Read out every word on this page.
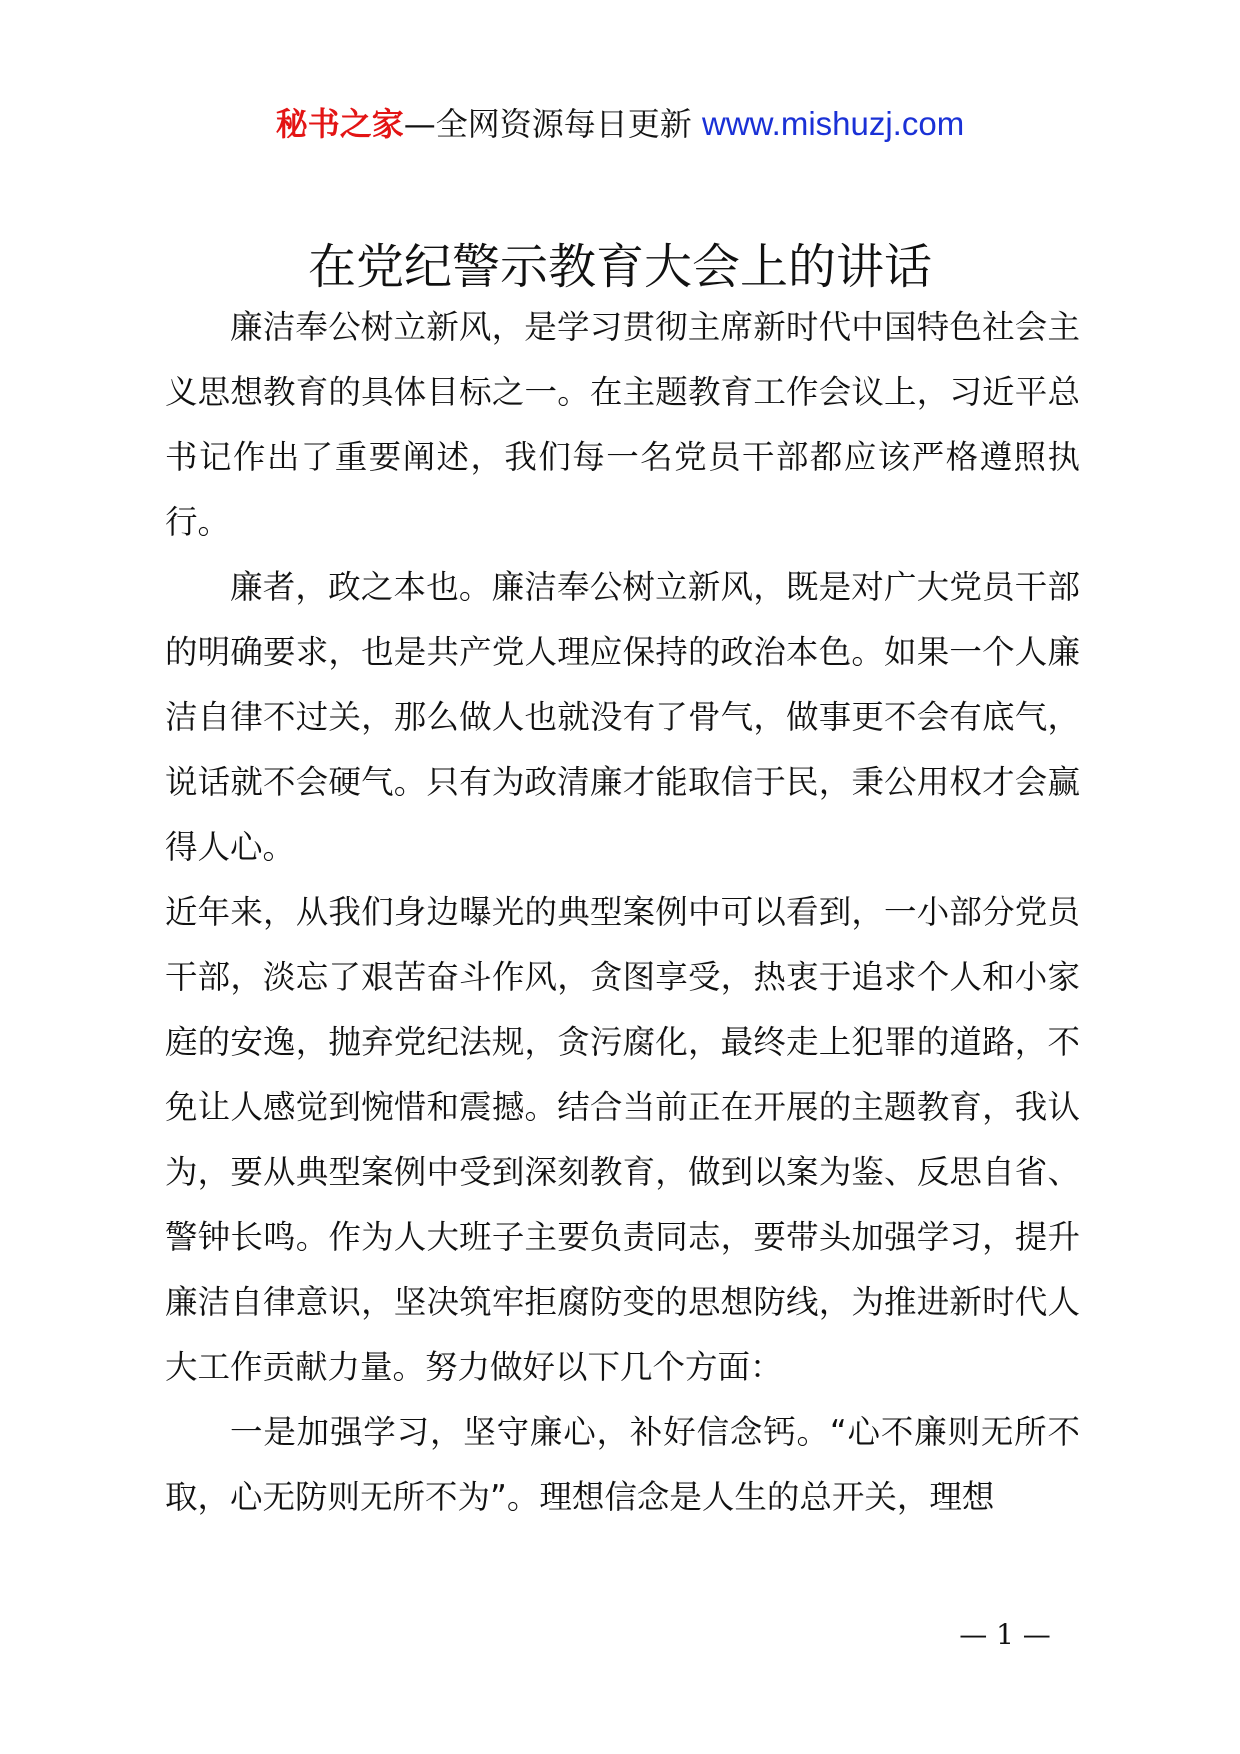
秘书之家—全网资源每日更新 www.mishuzj.com
在党纪警示教育大会上的讲话

廉洁奉公树立新风，是学习贯彻主席新时代中国特色社会主义思想教育的具体目标之一。在主题教育工作会议上，习近平总书记作出了重要阐述，我们每一名党员干部都应该严格遵照执行。

廉者，政之本也。廉洁奉公树立新风，既是对广大党员干部的明确要求，也是共产党人理应保持的政治本色。如果一个人廉洁自律不过关，那么做人也就没有了骨气，做事更不会有底气，说话就不会硬气。只有为政清廉才能取信于民，秉公用权才会赢得人心。

近年来，从我们身边曝光的典型案例中可以看到，一小部分党员干部，淡忘了艰苦奋斗作风，贪图享受，热衷于追求个人和小家庭的安逸，抛弃党纪法规，贪污腐化，最终走上犯罪的道路，不免让人感觉到惋惜和震撼。结合当前正在开展的主题教育，我认为，要从典型案例中受到深刻教育，做到以案为鉴、反思自省、警钟长鸣。作为人大班子主要负责同志，要带头加强学习，提升廉洁自律意识，坚决筑牢拒腐防变的思想防线，为推进新时代人大工作贡献力量。努力做好以下几个方面：

一是加强学习，坚守廉心，补好信念钙。“心不廉则无所不取，心无防则无所不为”。理想信念是人生的总开关，理想

— 1 —
